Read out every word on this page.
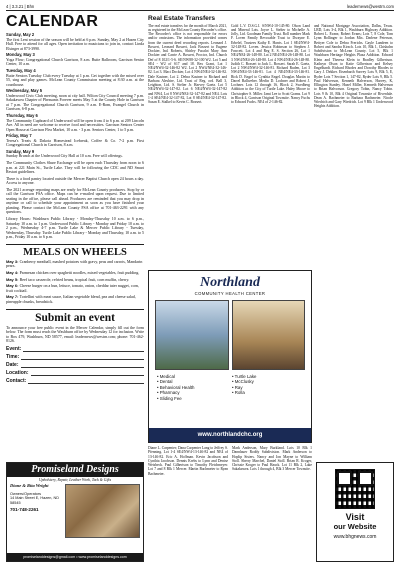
4 | 3.3.21 | Bhn	leadernews@westrn.com
CALENDAR
Sunday, May 2
The first Lent session of the season will be held at 6 p.m. Sunday, May 2 at Hazen City Hall. Free to attend for all ages. Open invitation to musicians to join in, contact Linda Elsinger at 873-3990.
Monday, May 3
Yoga Flow; Congregational Church Garrison, 8 a.m. Butte Ballroom, Garrison Senior Center, 10 a.m.
Tuesday, May 4
Butte Seniors Tuesday Club every Tuesday at 1 p.m. Get together with the mixed over 55, sing and play games. McLean County Commission meeting at 8:30 a.m. at the courthouse.
Wednesday, May 5
Underwood Civic Club meeting, noon at city hall. Wilton City Council meeting 7 p.m. Sakakawea Chapter of Pheasants Forever meets May 5 at the County Hole in Garrison at 7 p.m. The Congregational Church Garrison, 9 a.m. E-Rom, Evangel Church in Garrison, 6-8 p.m.
Thursday, May 6
The Community Cupboard of Underwood will be open from 4 to 6 p.m. at 209 Lincoln Ave. All in need are welcome to receive food and necessities. Garrison Seniors Center Open House at Garrison Flea Market, 10 a.m. - 3 p.m. Seniors Center, 1 to 5 p.m.
Friday, May 7
Teresa's Treats & Dakota Homestead Icebreak, Coffee & Co. 7-2 p.m. First Congregational Church in Garrison, 8 a.m.
Sunday, May 9
Sunday Brunch at the Underwood City Hall at 10 a.m. Free will offerings.
The Community Clothes Share Exchange will be open each Thursday from noon to 6 p.m. at 221 Main St., Turtle Lake. They will be following the CDC and ND Smart Restart guidelines.
There is a food pantry located outside the Mercer Baptist Church open 24 hours a day. Access to anyone.
The 2021 acreage reporting maps are ready for McLean County producers. Stop by or call the Garrison FSA office. Maps can be e-mailed upon request. Due to limited seating in the office, please call ahead. Producers are reminded that you may drop in anytime or call to schedule your appointment as soon as you have finished your planting. Please contact the McLean County FSA office at 701-463-2291 with any questions.
Library Hours: Washburn Public Library - Monday-Thursday 10 a.m. to 6 p.m., Saturday 10 a.m. to 1 p.m. Underwood Public Library - Monday and Friday 10 a.m. to 2 p.m., Wednesday 4-7 p.m. Turtle Lake & Mercer Public Library - Tuesday, Wednesday, Thursday. Turtle Lake Public Library - Monday and Thursday, 10 a.m. to 5 p.m., Friday 10 a.m. to 6 p.m.
MEALS ON WHEELS
May 3: Cranberry meatball, mashed potatoes with gravy, peas and carrots, Mandarin pears.
May 4: Parmesan chicken over spaghetti noodles, mixed vegetables, fruit pudding.
May 5: Beef taco casserole, refried beans, tropical fruit, corn muffin, cherry.
May 6: Cheese burger on a bun, lettuce, tomato, onion, cheddar tater nugget, corn, fruit cocktail.
May 7: Tortellini with meat sauce, Italian vegetable blend, pea and cheese salad, pineapple chunks, breadstick.
Submit an event
To announce your free public event in the Mercer Calendar, simply fill out the form below. The form must reach the Washburn office by Wednesday 12 for inclusion. Write to Box 479, Washburn, ND 58577, email: leadernews@westrn.com; phone: 701-462-8126.
Event:
Time:
Date:
Location:
Contact:
Promiseland Designs
Upholstery, Repair, Leather Work, Tack & Gifts
Diane & Rita Wright
Owners/Operators
14 Main Street E, Hazen, ND 58545
701-748-2261
promiselanddesigns@gmail.com • www.promiselanddesigns.com
Real Estate Transfers
The real estate transfers for the month of March 2021, as registered in the McLean County Recorder's office. The Recorder's office is not responsible for errors and/or omissions. The information provided comes from the current deed recording reports. Leonard J. Bossert, Leonard Bossert, Jack Bossert to Eugene Dockter, Ind. Roberts, Shirley Pucalot Mary Ann Dockter and Carrie A. Bossert, Proctor, Ind. Church Def of 8 102/1-5-6. SE/NW88-32-100 W2. Lot 5 and SE4 - W2 of S17 and 18. Rex Grant, Lot 1 NE4/NW4-32-146-82 W2. Lot 2 NW4/NE4-32-146-82. Lot 3. Maci Dockter, Lot 4 NW4/NE4-32-146-82. Dale Kastner, Lot 2. Debra Kastner to Richard and Barbara Aleshire, Ltd. Trust of Reg. ord. Ball 3, Leighton, Ltd. S. Stelter Jr. Harvey Gaetz. Lot 5 NE4/NW4-32-147-82. Lot 6 NE4/NW4-32-147-82 and NW4, Lot 8 NW4/NE4-32-147-82 and NE4. Lots 1-4 SE4/NE4-32-147-82, Lot 8 SE4/NE4-32-147-82. Susan E. Stalkel to Kevin C. Bossert.
Gold L.V. D.S.G.I. S/NW4-10-145-80. Olson Land and Mineral Lots. Joyce L. Stelter to Michelle A. Jolly, Ltd. Goodman Family Trust. Roll number Mark F. Loven Family Revocable Trust to Dwayne E. Erbelel, Trustees Kathy E. Harris. Lot 1 SE4/NW4-32-148-82. Loven. Jessica Robinson to Stephen J. Fawcett. Lot 4 and Reg E. S. Section 26, Lot 1 NE4/NE4-26-148-80. Lot 2 NE4/NE4-26-148-80. Lot 3 NW4/NE4-26-148-80. Lot 4 NW4/NE4-26-148-80. Judith C. Bossert to Jack L. Bossert. Sarah E. Gaetz, Lot 2 NW4/NW4-32-146-81. Richard Ruden, Lot 3 NW4/NE4-33-146-81. Lot 4 NE4/NE4-33-146-81. Rick D. Engel to Cynthia Engel. Douglas Martin to Darrel Ballweber. Merlin D. Lochner and Robert J. Lochner. Lots 12 through 16, Block 2, Swedberg Addition to the City of Turtle Lake. Haley Moore to Christopher S. Miller. Jami Lee to Scott Grams. Lot 9 in Block 4, Garrison Original Townsite. Nancy Fuchs to Edward Fuchs. NE4 of 2-146-82.
and National Mortgage Association, Dallas, Texas. LRD, Lots 3-4, Blk 1, Washburn Highway Addition. Robert L. Evans; Robert Evans; Lots 7, 8 Cole, Tom Lynn Bollinger to Jordan Mix. Darlene Peterson, Bettyer Cole to Debra Frerichs. Gayle Lundeen to Robert and Sandra Kirsch. Lots 10, Blk 1, Chisholm Subdivision to McLean County. Lot 5, Blk 1 Washburn Heritage Heights Plaza Addition. Edward Klein and Theresa Klein to Bradley Gilbertson. Kathryn Olson to Katie Gilbertson and Kelsey Engelhardt. Richard Rhodes and Dorothy Rhodes to Gary J. Dekker. Eisenbarth Survey Lots 9, Blk 5, E, Ryder Lots 7 Section 1, 147-82, Ryder Lots 9, Blk 5. Paul Halverson, Kenneth Halverson, Harvey, K, Ellington Stanley. Hazel Miller, Kenneth Halverson to Brian Halvorson. Gregory Tobin, Nancy Tobin. Lots 9 & 10, Blk 4 Original Townsite of Riverdale. Dean A. Bachmeier to Barbara Bachmeier. Nicole Wiedrich and Gary Wiedrich. Lot 9 Blk 1 Underwood Heights Addition.
Northland
COMMUNITY HEALTH CENTER
• Medical
• Dental
• Behavioral Health
• Pharmacy
• Sliding Fee
• Turtle Lake
• McClusky
• Ray
• Rolla
www.northlandchc.org
Diane L. Carpenter; Dana Carpenter Lang to Jeffrey S. Pfenning. Lot 1-4 SE4/NW4-13-146-82 and NE4 of 13-146-82. Eric A. Hoffman. Kevin Jacobson and Cynthia Jacobson. Dennis Krebs to Lynn and Denise Weisbeck. Paul Gilbertson to Timothy Fletchmeyer. Lot 7 and 8 Blk 1 Mercer. Martin Bachmeier to Ryan Bachmeier.
Mark Anderson, Mary Burkland. Lots 10 Blk 1 Dannlauer Roddy Subdivision. Mark Anderson to Hoplip Sisters. Nancy and Jon Mayne to William Stoll. Sherry Marchel, Daniel Stoll. Brian R. Kroger, Chrissie Kroger to Paul Hauck. Lot 11 Blk 2, Lake Sakakawea. Lots 1 through 4, Blk 3 Mercer Townsite.
Visit
our Website
www.bhgnews.com
